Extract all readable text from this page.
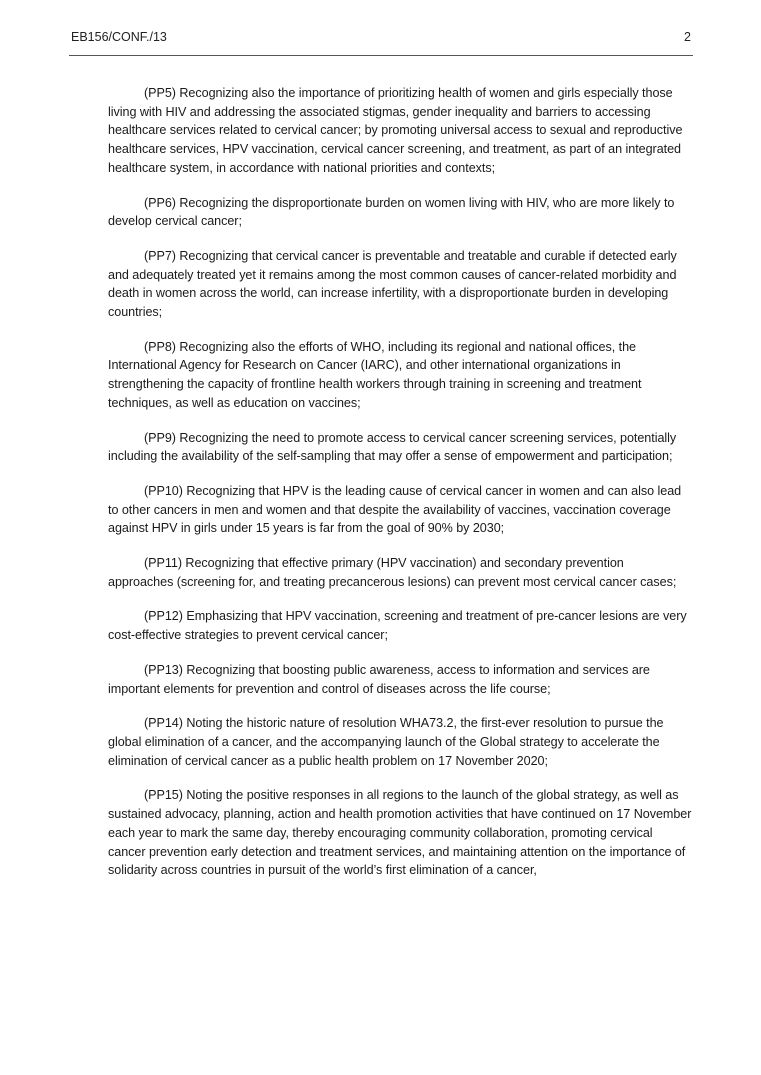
EB156/CONF./13	2

(PP5) Recognizing also the importance of prioritizing health of women and girls especially those living with HIV and addressing the associated stigmas, gender inequality and barriers to accessing healthcare services related to cervical cancer; by promoting universal access to sexual and reproductive healthcare services, HPV vaccination, cervical cancer screening, and treatment, as part of an integrated healthcare system, in accordance with national priorities and contexts;

(PP6) Recognizing the disproportionate burden on women living with HIV, who are more likely to develop cervical cancer;

(PP7) Recognizing that cervical cancer is preventable and treatable and curable if detected early and adequately treated yet it remains among the most common causes of cancer-related morbidity and death in women across the world, can increase infertility, with a disproportionate burden in developing countries;

(PP8) Recognizing also the efforts of WHO, including its regional and national offices, the International Agency for Research on Cancer (IARC), and other international organizations in strengthening the capacity of frontline health workers through training in screening and treatment techniques, as well as education on vaccines;

(PP9) Recognizing the need to promote access to cervical cancer screening services, potentially including the availability of the self-sampling that may offer a sense of empowerment and participation;

(PP10) Recognizing that HPV is the leading cause of cervical cancer in women and can also lead to other cancers in men and women and that despite the availability of vaccines, vaccination coverage against HPV in girls under 15 years is far from the goal of 90% by 2030;

(PP11) Recognizing that effective primary (HPV vaccination) and secondary prevention approaches (screening for, and treating precancerous lesions) can prevent most cervical cancer cases;

(PP12) Emphasizing that HPV vaccination, screening and treatment of pre-cancer lesions are very cost-effective strategies to prevent cervical cancer;

(PP13) Recognizing that boosting public awareness, access to information and services are important elements for prevention and control of diseases across the life course;

(PP14) Noting the historic nature of resolution WHA73.2, the first-ever resolution to pursue the global elimination of a cancer, and the accompanying launch of the Global strategy to accelerate the elimination of cervical cancer as a public health problem on 17 November 2020;

(PP15) Noting the positive responses in all regions to the launch of the global strategy, as well as sustained advocacy, planning, action and health promotion activities that have continued on 17 November each year to mark the same day, thereby encouraging community collaboration, promoting cervical cancer prevention early detection and treatment services, and maintaining attention on the importance of solidarity across countries in pursuit of the world’s first elimination of a cancer,
